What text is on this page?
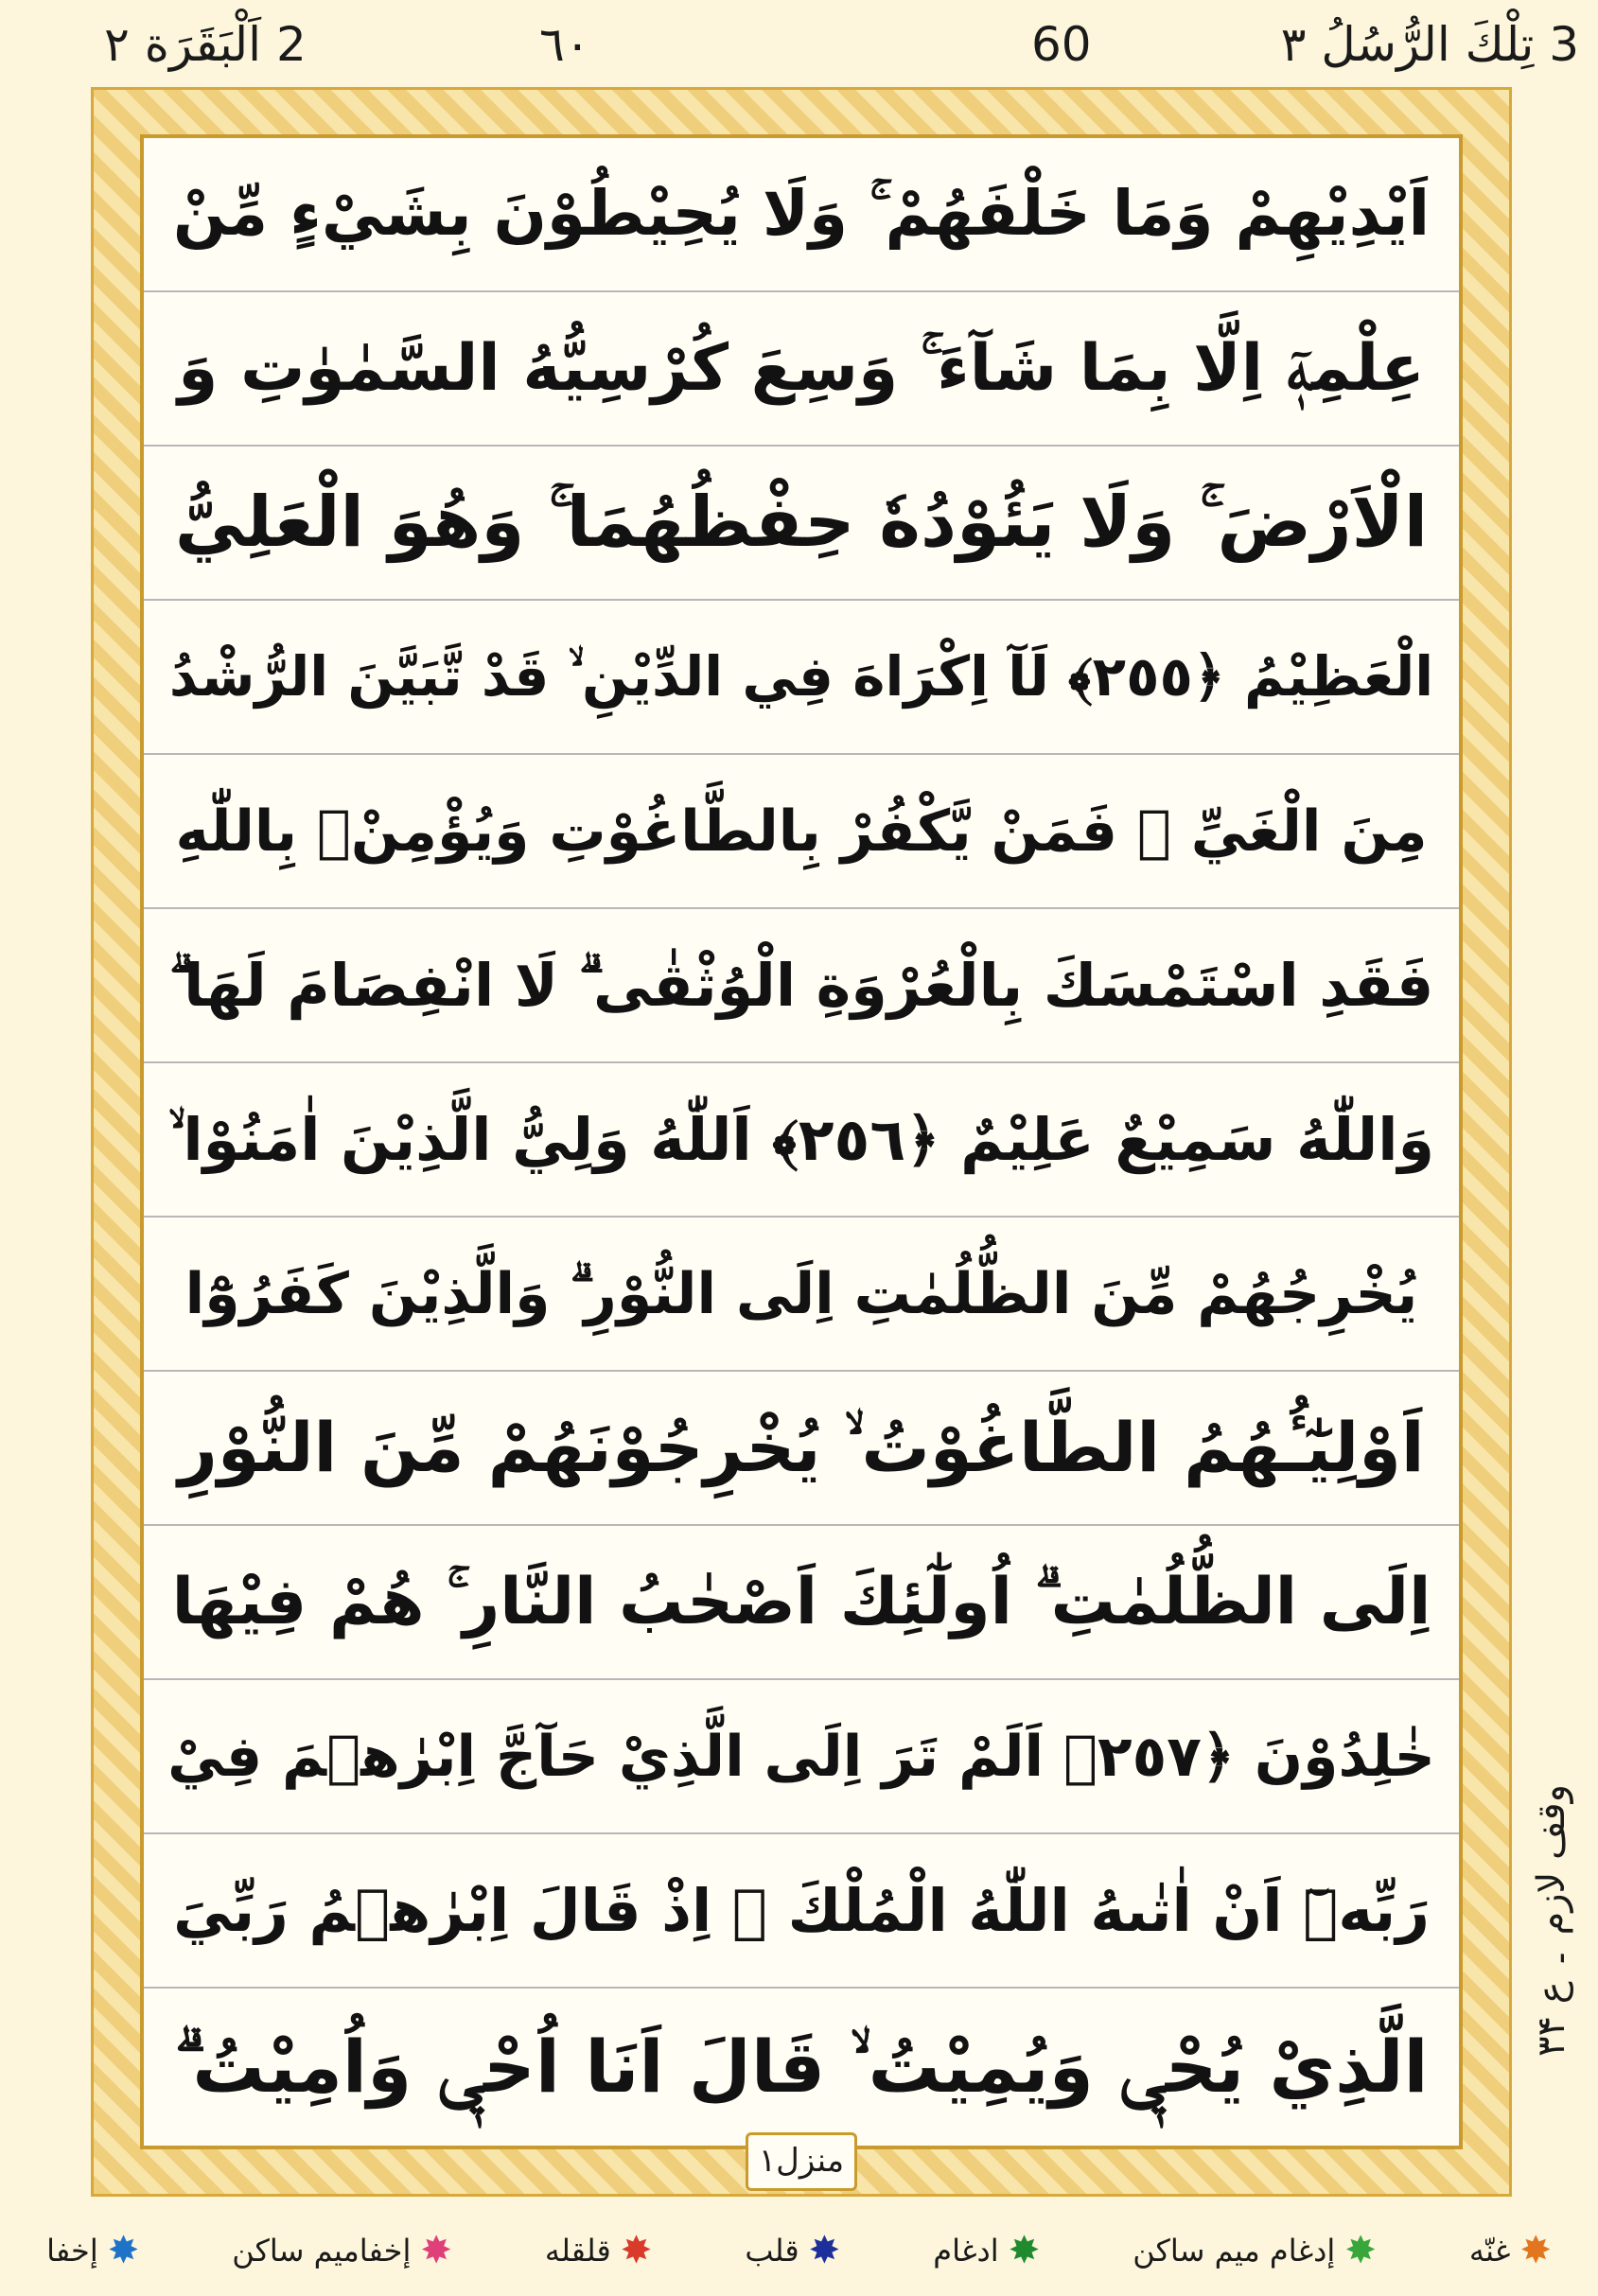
2 اَلْبَقَرَة ٢	٦٠	60	3 تِلْكَ الرُّسُلُ ٣
اَيْدِيْهِمْ وَمَا خَلْفَهُمْ ۚ وَلَا يُحِيْطُوْنَ بِشَيْءٍ مِّنْ
عِلْمِهٖٓ اِلَّا بِمَا شَآءَ ۚ وَسِعَ كُرْسِيُّهُ السَّمٰوٰتِ وَ
الْاَرْضَ ۚ وَلَا يَئُوْدُهٗ حِفْظُهُمَا ۚ وَهُوَ الْعَلِيُّ
الْعَظِيْمُ ﴿٢٥٥﴾ لَآ اِكْرَاهَ فِي الدِّيْنِ ۙ قَدْ تَّبَيَّنَ الرُّشْدُ
مِنَ الْغَيِّ ۚ فَمَنْ يَّكْفُرْ بِالطَّاغُوْتِ وَيُؤْمِنْۢ بِاللّٰهِ
فَقَدِ اسْتَمْسَكَ بِالْعُرْوَةِ الْوُثْقٰى ۗ لَا انْفِصَامَ لَهَا ۗ
وَاللّٰهُ سَمِيْعٌ عَلِيْمٌ ﴿٢٥٦﴾ اَللّٰهُ وَلِيُّ الَّذِيْنَ اٰمَنُوْا ۙ
يُخْرِجُهُمْ مِّنَ الظُّلُمٰتِ اِلَى النُّوْرِ ۗ وَالَّذِيْنَ كَفَرُوْٓا
اَوْلِيٰٓـُٔهُمُ الطَّاغُوْتُ ۙ يُخْرِجُوْنَهُمْ مِّنَ النُّوْرِ
اِلَى الظُّلُمٰتِ ۗ اُولٰٓئِكَ اَصْحٰبُ النَّارِ ۚ هُمْ فِيْهَا
خٰلِدُوْنَ ﴿٢٥٧﴾ اَلَمْ تَرَ اِلَى الَّذِيْ حَآجَّ اِبْرٰهٖمَ فِيْ
رَبِّهٖٓ اَنْ اٰتٰىهُ اللّٰهُ الْمُلْكَ ۘ اِذْ قَالَ اِبْرٰهٖمُ رَبِّيَ
الَّذِيْ يُحْيٖ وَيُمِيْتُ ۙ قَالَ اَنَا اُحْيٖ وَاُمِيْتُ ۗ
منزل١
وقف لازم ۔ ع ۳۴
✸
إخفا	✸
إخفاميم ساكن	✸
قلقله	✸
قلب	✸
ادغام	✸
إدغام ميم ساكن	✸
غنّه
